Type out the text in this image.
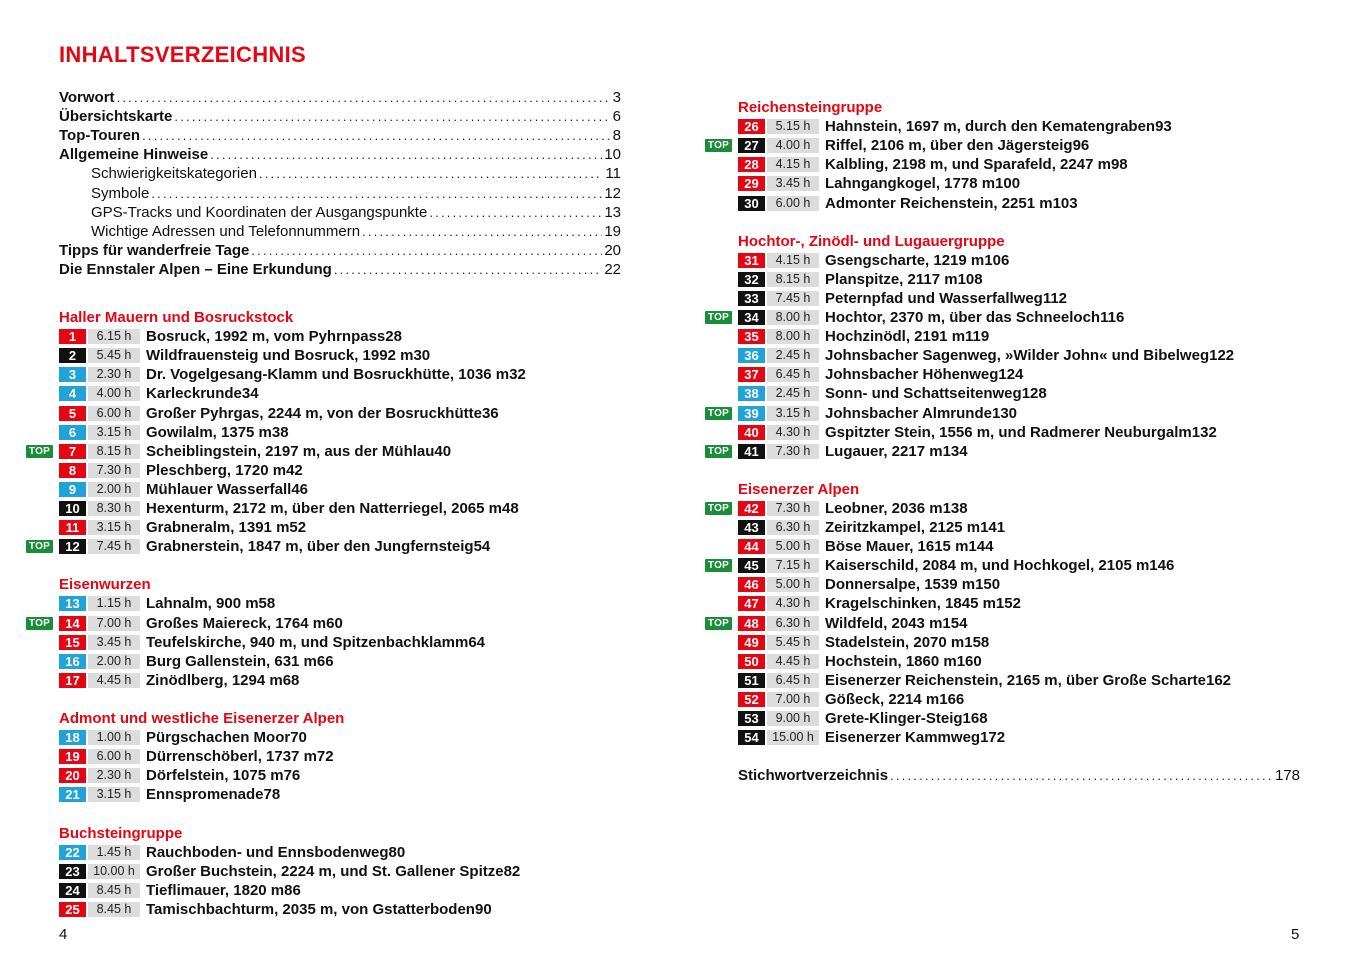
INHALTSVERZEICHNIS
Vorwort .....	3
Übersichtskarte .....	6
Top-Touren .....	8
Allgemeine Hinweise .....	10
Schwierigkeitskategorien .....	11
Symbole .....	12
GPS-Tracks und Koordinaten der Ausgangspunkte .....	13
Wichtige Adressen und Telefonnummern .....	19
Tipps für wanderfreie Tage .....	20
Die Ennstaler Alpen – Eine Erkundung .....	22
Haller Mauern und Bosruckstock
1	6.15 h Bosruck, 1992 m, vom Pyhrnpass 28
2	5.45 h Wildfrauensteig und Bosruck, 1992 m 30
3	2.30 h Dr. Vogelgesang-Klamm und Bosruckhütte, 1036 m 32
4	4.00 h Karleckrunde 34
5	6.00 h Großer Pyhrgas, 2244 m, von der Bosruckhütte 36
6	3.15 h Gowilalm, 1375 m 38
TOP	7	8.15 h Scheiblingstein, 2197 m, aus der Mühlau 40
8	7.30 h Pleschberg, 1720 m 42
9	2.00 h Mühlauer Wasserfall 46
10	8.30 h Hexenturm, 2172 m, über den Natterriegel, 2065 m 48
11	3.15 h Grabneralm, 1391 m 52
TOP	12	7.45 h Grabnerstein, 1847 m, über den Jungfernsteig 54
Eisenwurzen
13	1.15 h Lahnalm, 900 m 58
TOP	14	7.00 h Großes Maiereck, 1764 m 60
15	3.45 h Teufelskirche, 940 m, und Spitzenbachklamm 64
16	2.00 h Burg Gallenstein, 631 m 66
17	4.45 h Zinödlberg, 1294 m 68
Admont und westliche Eisenerzer Alpen
18	1.00 h Pürgschachen Moor 70
19	6.00 h Dürrenschöberl, 1737 m 72
20	2.30 h Dörfelstein, 1075 m 76
21	3.15 h Ennspromenade 78
Buchsteingruppe
22	1.45 h Rauchboden- und Ennsbodenweg 80
23	10.00 h Großer Buchstein, 2224 m, und St. Gallener Spitze 82
24	8.45 h Tieflimauer, 1820 m 86
25	8.45 h Tamischbachturm, 2035 m, von Gstatterboden 90
Reichensteingruppe
26	5.15 h Hahnstein, 1697 m, durch den Kematengraben 93
TOP	27	4.00 h Riffel, 2106 m, über den Jägersteig 96
28	4.15 h Kalbling, 2198 m, und Sparafeld, 2247 m 98
29	3.45 h Lahngangkogel, 1778 m 100
30	6.00 h Admonter Reichenstein, 2251 m 103
Hochtor-, Zinödl- und Lugauergruppe
31	4.15 h Gsengscharte, 1219 m 106
32	8.15 h Planspitze, 2117 m 108
33	7.45 h Peternpfad und Wasserfallweg 112
TOP	34	8.00 h Hochtor, 2370 m, über das Schneeloch 116
35	8.00 h Hochzinödl, 2191 m 119
36	2.45 h Johnsbacher Sagenweg, »Wilder John« und Bibelweg 122
37	6.45 h Johnsbacher Höhenweg 124
38	2.45 h Sonn- und Schattseitenweg 128
TOP	39	3.15 h Johnsbacher Almrunde 130
40	4.30 h Gspitzter Stein, 1556 m, und Radmerer Neuburgalm 132
TOP	41	7.30 h Lugauer, 2217 m 134
Eisenerzer Alpen
TOP	42	7.30 h Leobner, 2036 m 138
43	6.30 h Zeiritzkampel, 2125 m 141
44	5.00 h Böse Mauer, 1615 m 144
TOP	45	7.15 h Kaiserschild, 2084 m, und Hochkogel, 2105 m 146
46	5.00 h Donnersalpe, 1539 m 150
47	4.30 h Kragelschinken, 1845 m 152
TOP	48	6.30 h Wildfeld, 2043 m 154
49	5.45 h Stadelstein, 2070 m 158
50	4.45 h Hochstein, 1860 m 160
51	6.45 h Eisenerzer Reichenstein, 2165 m, über Große Scharte 162
52	7.00 h Gößeck, 2214 m 166
53	9.00 h Grete-Klinger-Steig 168
54	15.00 h Eisenerzer Kammweg 172
Stichwortverzeichnis .....	178
4	5
